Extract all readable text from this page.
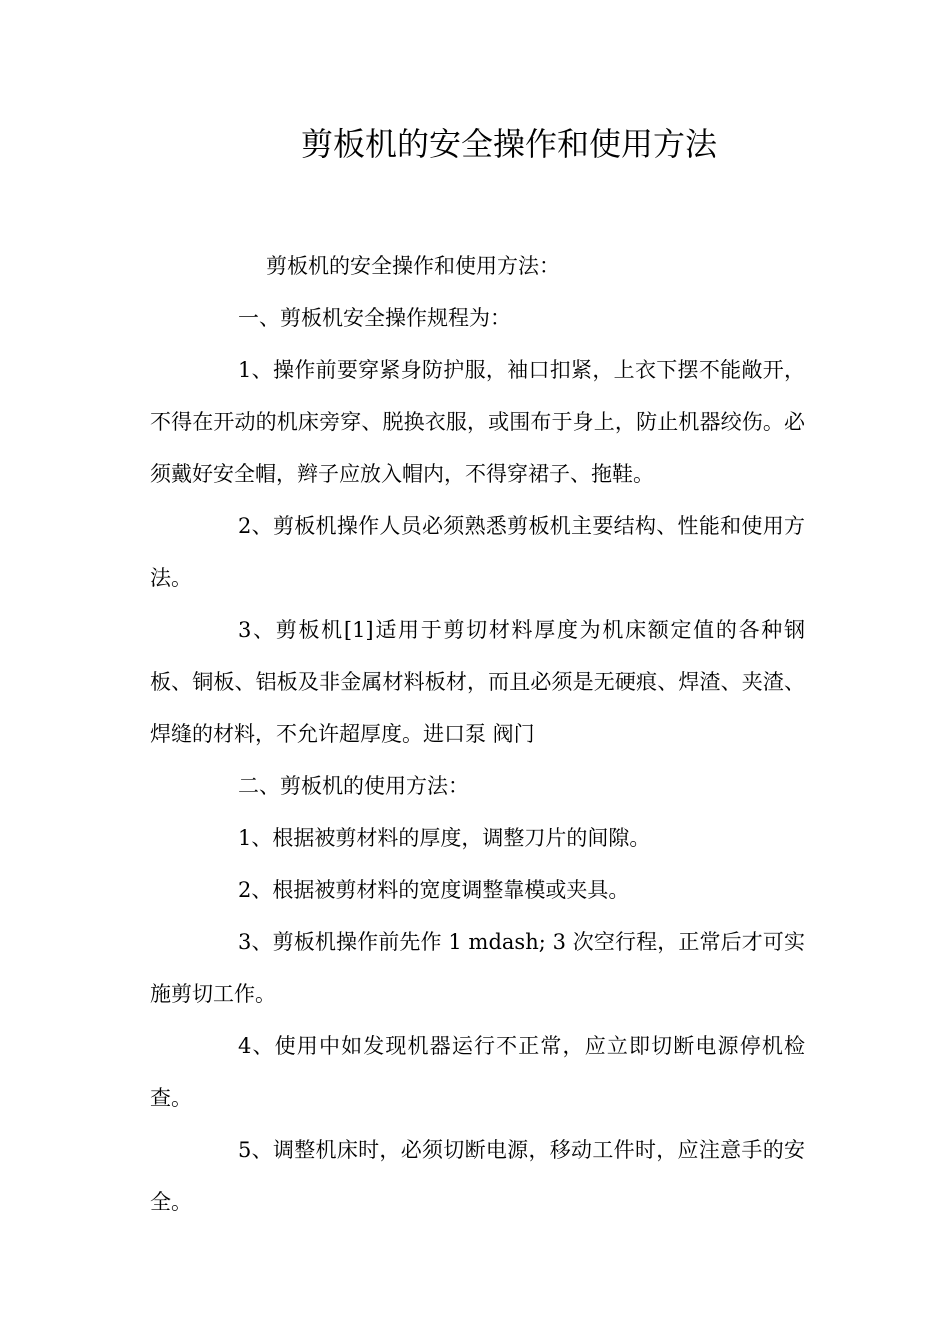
剪板机的安全操作和使用方法

剪板机的安全操作和使用方法：

一、剪板机安全操作规程为：

1、操作前要穿紧身防护服，袖口扣紧，上衣下摆不能敞开，不得在开动的机床旁穿、脱换衣服，或围布于身上，防止机器绞伤。必须戴好安全帽，辫子应放入帽内，不得穿裙子、拖鞋。

2、剪板机操作人员必须熟悉剪板机主要结构、性能和使用方法。

3、剪板机[1]适用于剪切材料厚度为机床额定值的各种钢板、铜板、铝板及非金属材料板材，而且必须是无硬痕、焊渣、夹渣、焊缝的材料，不允许超厚度。进口泵 阀门

二、剪板机的使用方法：

1、根据被剪材料的厚度，调整刀片的间隙。

2、根据被剪材料的宽度调整靠模或夹具。

3、剪板机操作前先作 1 mdash; 3 次空行程，正常后才可实施剪切工作。

4、使用中如发现机器运行不正常，应立即切断电源停机检查。

5、调整机床时，必须切断电源，移动工件时，应注意手的安全。
